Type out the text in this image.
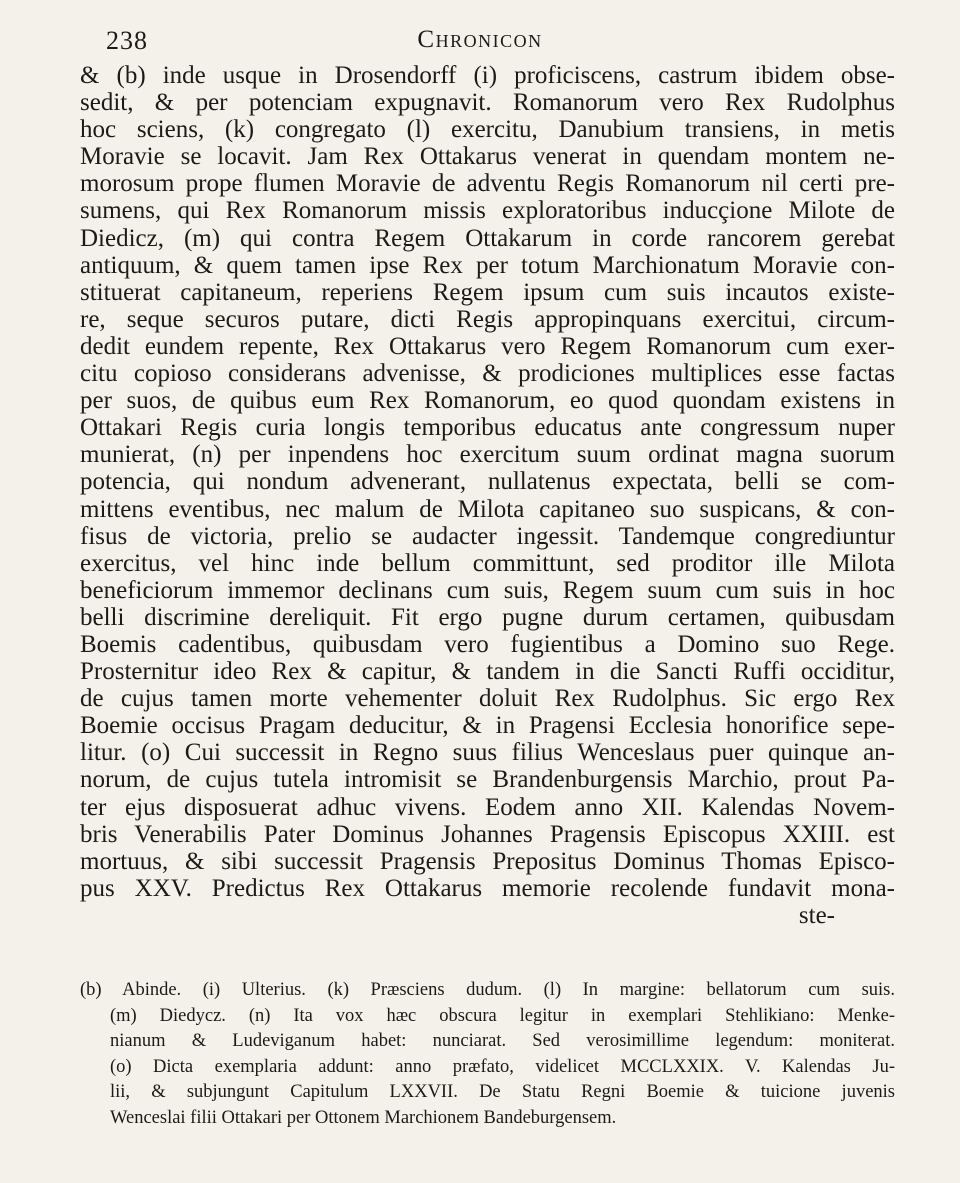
238	Chronicon
& (b) inde usque in Drosendorff (i) proficiscens, castrum ibidem obse-
sedit, & per potenciam expugnavit. Romanorum vero Rex Rudolphus
hoc sciens, (k) congregato (l) exercitu, Danubium transiens, in metis
Moravie se locavit. Jam Rex Ottakarus venerat in quendam montem ne-
morosum prope flumen Moravie de adventu Regis Romanorum nil certi pre-
sumens, qui Rex Romanorum missis exploratoribus inducçione Milote de
Diedicz, (m) qui contra Regem Ottakarum in corde rancorem gerebat
antiquum, & quem tamen ipse Rex per totum Marchionatum Moravie con-
stituerat capitaneum, reperiens Regem ipsum cum suis incautos existe-
re, seque securos putare, dicti Regis appropinquans exercitui, circum-
dedit eundem repente, Rex Ottakarus vero Regem Romanorum cum exer-
citu copioso considerans advenisse, & prodiciones multiplices esse factas
per suos, de quibus eum Rex Romanorum, eo quod quondam existens in
Ottakari Regis curia longis temporibus educatus ante congressum nuper
munierat, (n) per inpendens hoc exercitum suum ordinat magna suorum
potencia, qui nondum advenerant, nullatenus expectata, belli se com-
mittens eventibus, nec malum de Milota capitaneo suo suspicans, & con-
fisus de victoria, prelio se audacter ingessit. Tandemque congrediuntur
exercitus, vel hinc inde bellum committunt, sed proditor ille Milota
beneficiorum immemor declinans cum suis, Regem suum cum suis in hoc
belli discrimine dereliquit. Fit ergo pugne durum certamen, quibusdam
Boemis cadentibus, quibusdam vero fugientibus a Domino suo Rege.
Prosternitur ideo Rex & capitur, & tandem in die Sancti Ruffi occiditur,
de cujus tamen morte vehementer doluit Rex Rudolphus. Sic ergo Rex
Boemie occisus Pragam deducitur, & in Pragensi Ecclesia honorifice sepe-
litur. (o) Cui successit in Regno suus filius Wenceslaus puer quinque an-
norum, de cujus tutela intromisit se Brandenburgensis Marchio, prout Pa-
ter ejus disposuerat adhuc vivens. Eodem anno XII. Kalendas Novem-
bris Venerabilis Pater Dominus Johannes Pragensis Episcopus XXIII. est
mortuus, & sibi successit Pragensis Prepositus Dominus Thomas Episco-
pus XXV. Predictus Rex Ottakarus memorie recolende fundavit mona-
ste-
(b) Abinde. (i) Ulterius. (k) Præsciens dudum. (l) In margine: bellatorum cum suis.
(m) Diedycz. (n) Ita vox hæc obscura legitur in exemplari Stehlikiano: Menke-
nianum & Ludeviganum habet: nunciarat. Sed verosimillime legendum: moniterat.
(o) Dicta exemplaria addunt: anno præfato, videlicet MCCLXXIX. V. Kalendas Ju-
lii, & subjungunt Capitulum LXXVII. De Statu Regni Boemie & tuicione juvenis
Wenceslai filii Ottakari per Ottonem Marchionem Bandeburgensem.
